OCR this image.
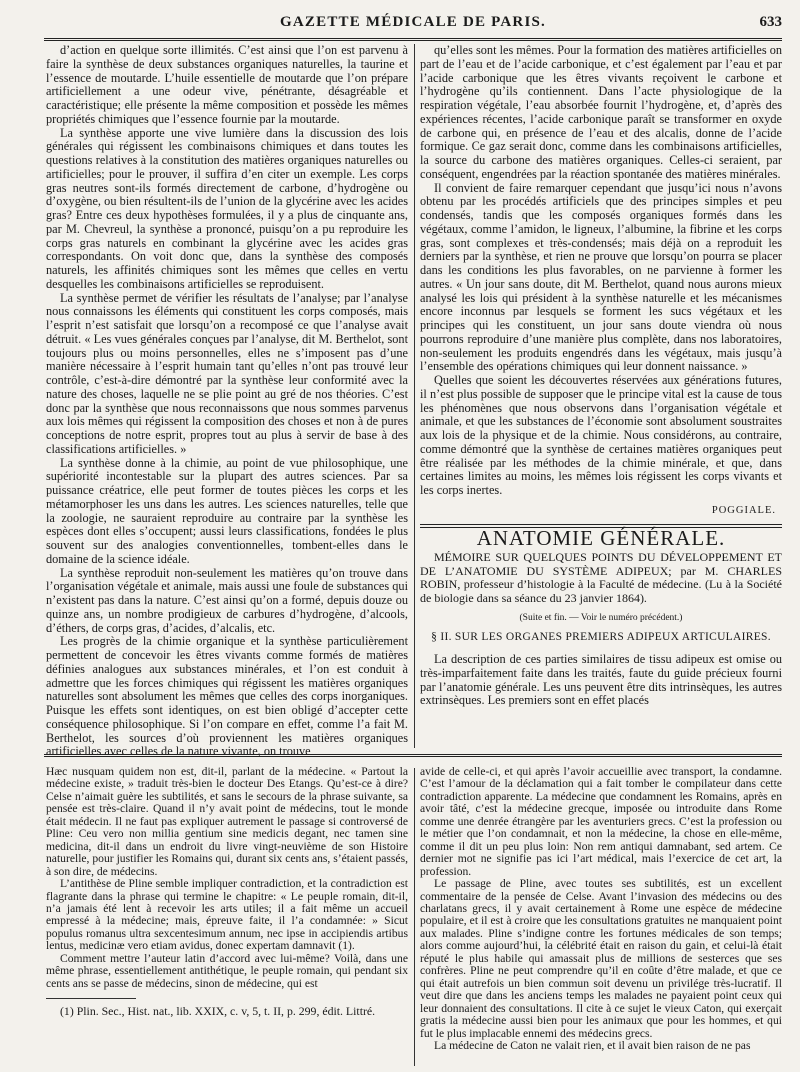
GAZETTE MÉDICALE DE PARIS.	633

d’action en quelque sorte illimités. C’est ainsi que l’on est parvenu à faire la synthèse de deux substances organiques naturelles, la taurine et l’essence de moutarde. L’huile essentielle de moutarde que l’on prépare artificiellement a une odeur vive, pénétrante, désagréable et caractéristique; elle présente la même composition et possède les mêmes propriétés chimiques que l’essence fournie par la moutarde.

La synthèse apporte une vive lumière dans la discussion des lois générales qui régissent les combinaisons chimiques et dans toutes les questions relatives à la constitution des matières organiques naturelles ou artificielles; pour le prouver, il suffira d’en citer un exemple. Les corps gras neutres sont-ils formés directement de carbone, d’hydrogène ou d’oxygène, ou bien résultent-ils de l’union de la glycérine avec les acides gras? Entre ces deux hypothèses formulées, il y a plus de cinquante ans, par M. Chevreul, la synthèse a prononcé, puisqu’on a pu reproduire les corps gras naturels en combinant la glycérine avec les acides gras correspondants. On voit donc que, dans la synthèse des composés naturels, les affinités chimiques sont les mêmes que celles en vertu desquelles les combinaisons artificielles se reproduisent.

La synthèse permet de vérifier les résultats de l’analyse; par l’analyse nous connaissons les éléments qui constituent les corps composés, mais l’esprit n’est satisfait que lorsqu’on a recomposé ce que l’analyse avait détruit. « Les vues générales conçues par l’analyse, dit M. Berthelot, sont toujours plus ou moins personnelles, elles ne s’imposent pas d’une manière nécessaire à l’esprit humain tant qu’elles n’ont pas trouvé leur contrôle, c’est-à-dire démontré par la synthèse leur conformité avec la nature des choses, laquelle ne se plie point au gré de nos théories. C’est donc par la synthèse que nous reconnaissons que nous sommes parvenus aux lois mêmes qui régissent la composition des choses et non à de pures conceptions de notre esprit, propres tout au plus à servir de base à des classifications artificielles. »

La synthèse donne à la chimie, au point de vue philosophique, une supériorité incontestable sur la plupart des autres sciences. Par sa puissance créatrice, elle peut former de toutes pièces les corps et les métamorphoser les uns dans les autres. Les sciences naturelles, telle que la zoologie, ne sauraient reproduire au contraire par la synthèse les espèces dont elles s’occupent; aussi leurs classifications, fondées le plus souvent sur des analogies conventionnelles, tombent-elles dans le domaine de la science idéale.

La synthèse reproduit non-seulement les matières qu’on trouve dans l’organisation végétale et animale, mais aussi une foule de substances qui n’existent pas dans la nature. C’est ainsi qu’on a formé, depuis douze ou quinze ans, un nombre prodigieux de carbures d’hydrogène, d’alcools, d’éthers, de corps gras, d’acides, d’alcalis, etc.

Les progrès de la chimie organique et la synthèse particulièrement permettent de concevoir les êtres vivants comme formés de matières définies analogues aux substances minérales, et l’on est conduit à admettre que les forces chimiques qui régissent les matières organiques naturelles sont absolument les mêmes que celles des corps inorganiques. Puisque les effets sont identiques, on est bien obligé d’accepter cette conséquence philosophique. Si l’on compare en effet, comme l’a fait M. Berthelot, les sources d’où proviennent les matières organiques artificielles avec celles de la nature vivante, on trouve

qu’elles sont les mêmes. Pour la formation des matières artificielles on part de l’eau et de l’acide carbonique, et c’est également par l’eau et par l’acide carbonique que les êtres vivants reçoivent le carbone et l’hydrogène qu’ils contiennent. Dans l’acte physiologique de la respiration végétale, l’eau absorbée fournit l’hydrogène, et, d’après des expériences récentes, l’acide carbonique paraît se transformer en oxyde de carbone qui, en présence de l’eau et des alcalis, donne de l’acide formique. Ce gaz serait donc, comme dans les combinaisons artificielles, la source du carbone des matières organiques. Celles-ci seraient, par conséquent, engendrées par la réaction spontanée des matières minérales.

Il convient de faire remarquer cependant que jusqu’ici nous n’avons obtenu par les procédés artificiels que des principes simples et peu condensés, tandis que les composés organiques formés dans les végétaux, comme l’amidon, le ligneux, l’albumine, la fibrine et les corps gras, sont complexes et très-condensés; mais déjà on a reproduit les derniers par la synthèse, et rien ne prouve que lorsqu’on pourra se placer dans les conditions les plus favorables, on ne parvienne à former les autres. « Un jour sans doute, dit M. Berthelot, quand nous aurons mieux analysé les lois qui président à la synthèse naturelle et les mécanismes encore inconnus par lesquels se forment les sucs végétaux et les principes qui les constituent, un jour sans doute viendra où nous pourrons reproduire d’une manière plus complète, dans nos laboratoires, non-seulement les produits engendrés dans les végétaux, mais jusqu’à l’ensemble des opérations chimiques qui leur donnent naissance. »

Quelles que soient les découvertes réservées aux générations futures, il n’est plus possible de supposer que le principe vital est la cause de tous les phénomènes que nous observons dans l’organisation végétale et animale, et que les substances de l’économie sont absolument soustraites aux lois de la physique et de la chimie. Nous considérons, au contraire, comme démontré que la synthèse de certaines matières organiques peut être réalisée par les méthodes de la chimie minérale, et que, dans certaines limites au moins, les mêmes lois régissent les corps vivants et les corps inertes.

POGGIALE.
ANATOMIE GÉNÉRALE.

MÉMOIRE SUR QUELQUES POINTS DU DÉVELOPPEMENT ET DE L’ANATOMIE DU SYSTÈME ADIPEUX; par M. CHARLES ROBIN, professeur d’histologie à la Faculté de médecine. (Lu à la Société de biologie dans sa séance du 23 janvier 1864).

(Suite et fin. — Voir le numéro précédent.)
§ II. SUR LES ORGANES PREMIERS ADIPEUX ARTICULAIRES.

La description de ces parties similaires de tissu adipeux est omise ou très-imparfaitement faite dans les traités, faute du guide précieux fourni par l’anatomie générale. Les uns peuvent être dits intrinsèques, les autres extrinsèques. Les premiers sont en effet placés

Hæc nusquam quidem non est, dit-il, parlant de la médecine. « Partout la médecine existe, » traduit très-bien le docteur Des Etangs. Qu’est-ce à dire? Celse n’aimait guère les subtilités, et sans le secours de la phrase suivante, sa pensée est très-claire. Quand il n’y avait point de médecins, tout le monde était médecin. Il ne faut pas expliquer autrement le passage si controversé de Pline: Ceu vero non millia gentium sine medicis degant, nec tamen sine medicina, dit-il dans un endroit du livre vingt-neuvième de son Histoire naturelle, pour justifier les Romains qui, durant six cents ans, s’étaient passés, à son dire, de médecins.

L’antithèse de Pline semble impliquer contradiction, et la contradiction est flagrante dans la phrase qui termine le chapitre: « Le peuple romain, dit-il, n’a jamais été lent à recevoir les arts utiles; il a fait même un accueil empressé à la médecine; mais, épreuve faite, il l’a condamnée: » Sicut populus romanus ultra sexcentesimum annum, nec ipse in accipiendis artibus lentus, medicinæ vero etiam avidus, donec expertam damnavit (1).

Comment mettre l’auteur latin d’accord avec lui-même? Voilà, dans une même phrase, essentiellement antithétique, le peuple romain, qui pendant six cents ans se passe de médecins, sinon de médecine, qui est

(1) Plin. Sec., Hist. nat., lib. XXIX, c. v, 5, t. II, p. 299, édit. Littré.

avide de celle-ci, et qui après l’avoir accueillie avec transport, la condamne. C’est l’amour de la déclamation qui a fait tomber le compilateur dans cette contradiction apparente. La médecine que condamnent les Romains, après en avoir tâté, c’est la médecine grecque, imposée ou introduite dans Rome comme une denrée étrangère par les aventuriers grecs. C’est la profession ou le métier que l’on condamnait, et non la médecine, la chose en elle-même, comme il dit un peu plus loin: Non rem antiqui damnabant, sed artem. Ce dernier mot ne signifie pas ici l’art médical, mais l’exercice de cet art, la profession.

Le passage de Pline, avec toutes ses subtilités, est un excellent commentaire de la pensée de Celse. Avant l’invasion des médecins ou des charlatans grecs, il y avait certainement à Rome une espèce de médecine populaire, et il est à croire que les consultations gratuites ne manquaient point aux malades. Pline s’indigne contre les fortunes médicales de son temps; alors comme aujourd’hui, la célébrité était en raison du gain, et celui-là était réputé le plus habile qui amassait plus de millions de sesterces que ses confrères. Pline ne peut comprendre qu’il en coûte d’être malade, et que ce qui était autrefois un bien commun soit devenu un privilége très-lucratif. Il veut dire que dans les anciens temps les malades ne payaient point ceux qui leur donnaient des consultations. Il cite à ce sujet le vieux Caton, qui exerçait gratis la médecine aussi bien pour les animaux que pour les hommes, et qui fut le plus implacable ennemi des médecins grecs.

La médecine de Caton ne valait rien, et il avait bien raison de ne pas
